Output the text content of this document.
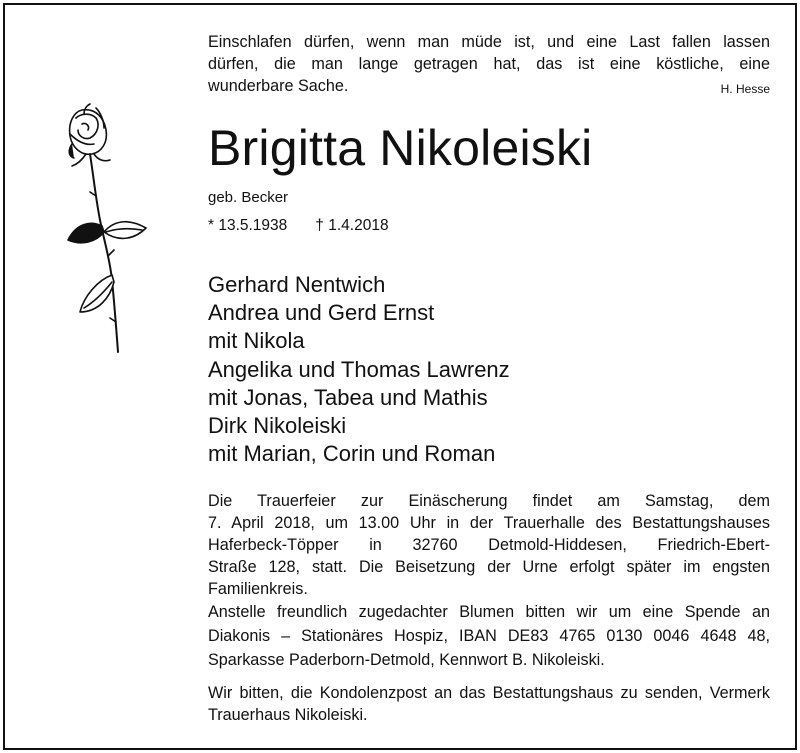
Einschlafen dürfen, wenn man müde ist, und eine Last fallen lassen
dürfen, die man lange getragen hat, das ist eine köstliche, eine
wunderbare Sache.	H. Hesse
Brigitta Nikoleiski
geb. Becker
* 13.5.1938 † 1.4.2018
Gerhard Nentwich
Andrea und Gerd Ernst
mit Nikola
Angelika und Thomas Lawrenz
mit Jonas, Tabea und Mathis
Dirk Nikoleiski
mit Marian, Corin und Roman
Die Trauerfeier zur Einäscherung findet am Samstag, dem
7. April 2018, um 13.00 Uhr in der Trauerhalle des Bestattungshauses
Haferbeck-Töpper in 32760 Detmold-Hiddesen, Friedrich-Ebert-
Straße 128, statt. Die Beisetzung der Urne erfolgt später im engsten
Familienkreis.
Anstelle freundlich zugedachter Blumen bitten wir um eine Spende an Diakonis – Stationäres Hospiz, IBAN DE83 4765 0130 0046 4648 48, Sparkasse Paderborn-Detmold, Kennwort B. Nikoleiski.
Wir bitten, die Kondolenzpost an das Bestattungshaus zu senden, Vermerk Trauerhaus Nikoleiski.
